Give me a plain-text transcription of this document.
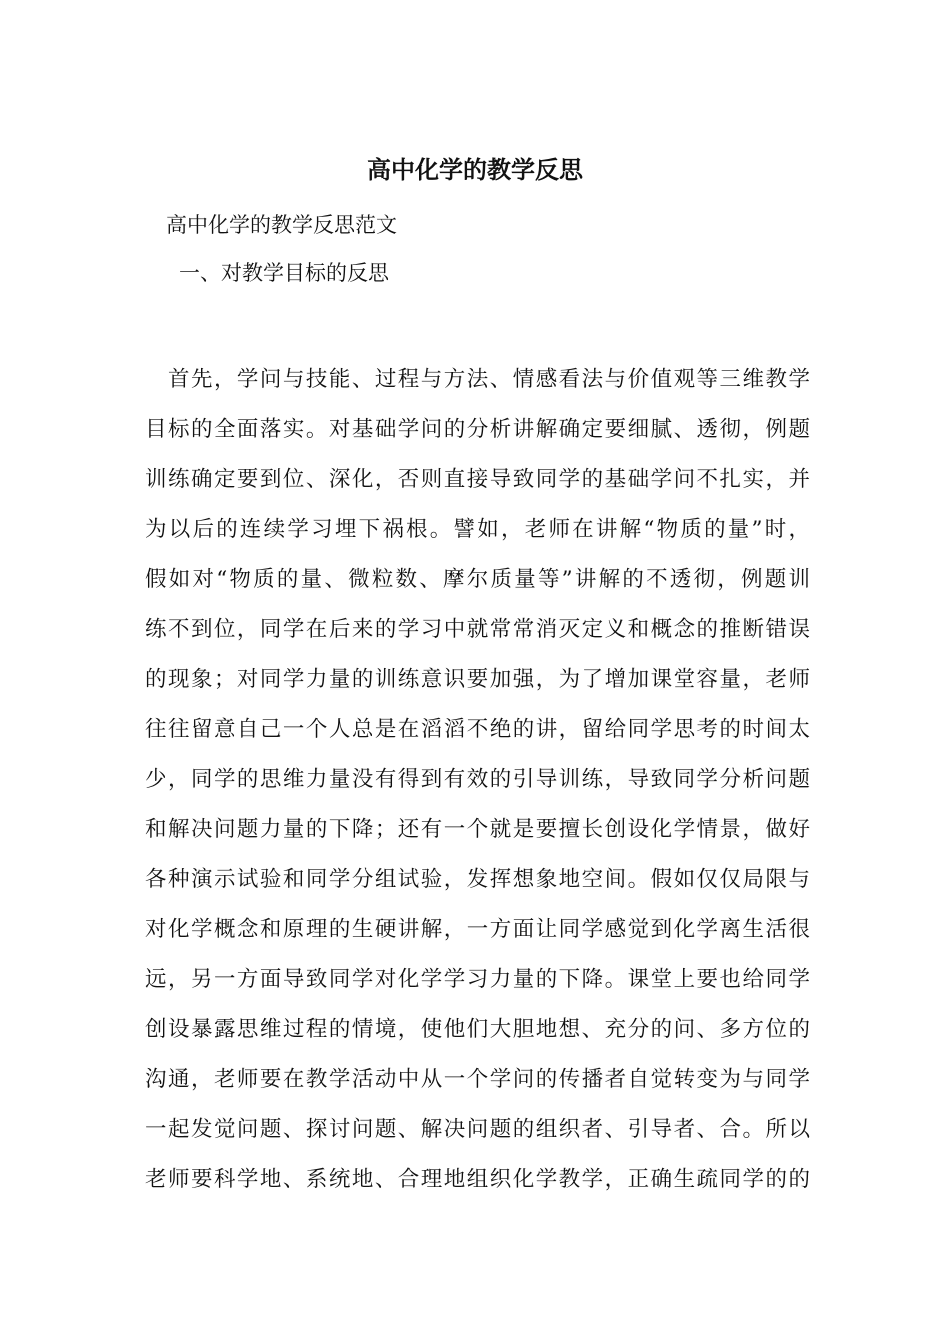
高中化学的教学反思
高中化学的教学反思范文
一、对教学目标的反思
　首先，学问与技能、过程与方法、情感看法与价值观等三维教学
目标的全面落实。对基础学问的分析讲解确定要细腻、透彻，例题
训练确定要到位、深化，否则直接导致同学的基础学问不扎实，并
为以后的连续学习埋下祸根。譬如，老师在讲解“物质的量”时，
假如对“物质的量、微粒数、摩尔质量等”讲解的不透彻，例题训
练不到位，同学在后来的学习中就常常消灭定义和概念的推断错误
的现象；对同学力量的训练意识要加强，为了增加课堂容量，老师
往往留意自己一个人总是在滔滔不绝的讲，留给同学思考的时间太
少，同学的思维力量没有得到有效的引导训练，导致同学分析问题
和解决问题力量的下降；还有一个就是要擅长创设化学情景，做好
各种演示试验和同学分组试验，发挥想象地空间。假如仅仅局限与
对化学概念和原理的生硬讲解，一方面让同学感觉到化学离生活很
远，另一方面导致同学对化学学习力量的下降。课堂上要也给同学
创设暴露思维过程的情境，使他们大胆地想、充分的问、多方位的
沟通，老师要在教学活动中从一个学问的传播者自觉转变为与同学
一起发觉问题、探讨问题、解决问题的组织者、引导者、合。所以
老师要科学地、系统地、合理地组织化学教学，正确生疏同学的的
